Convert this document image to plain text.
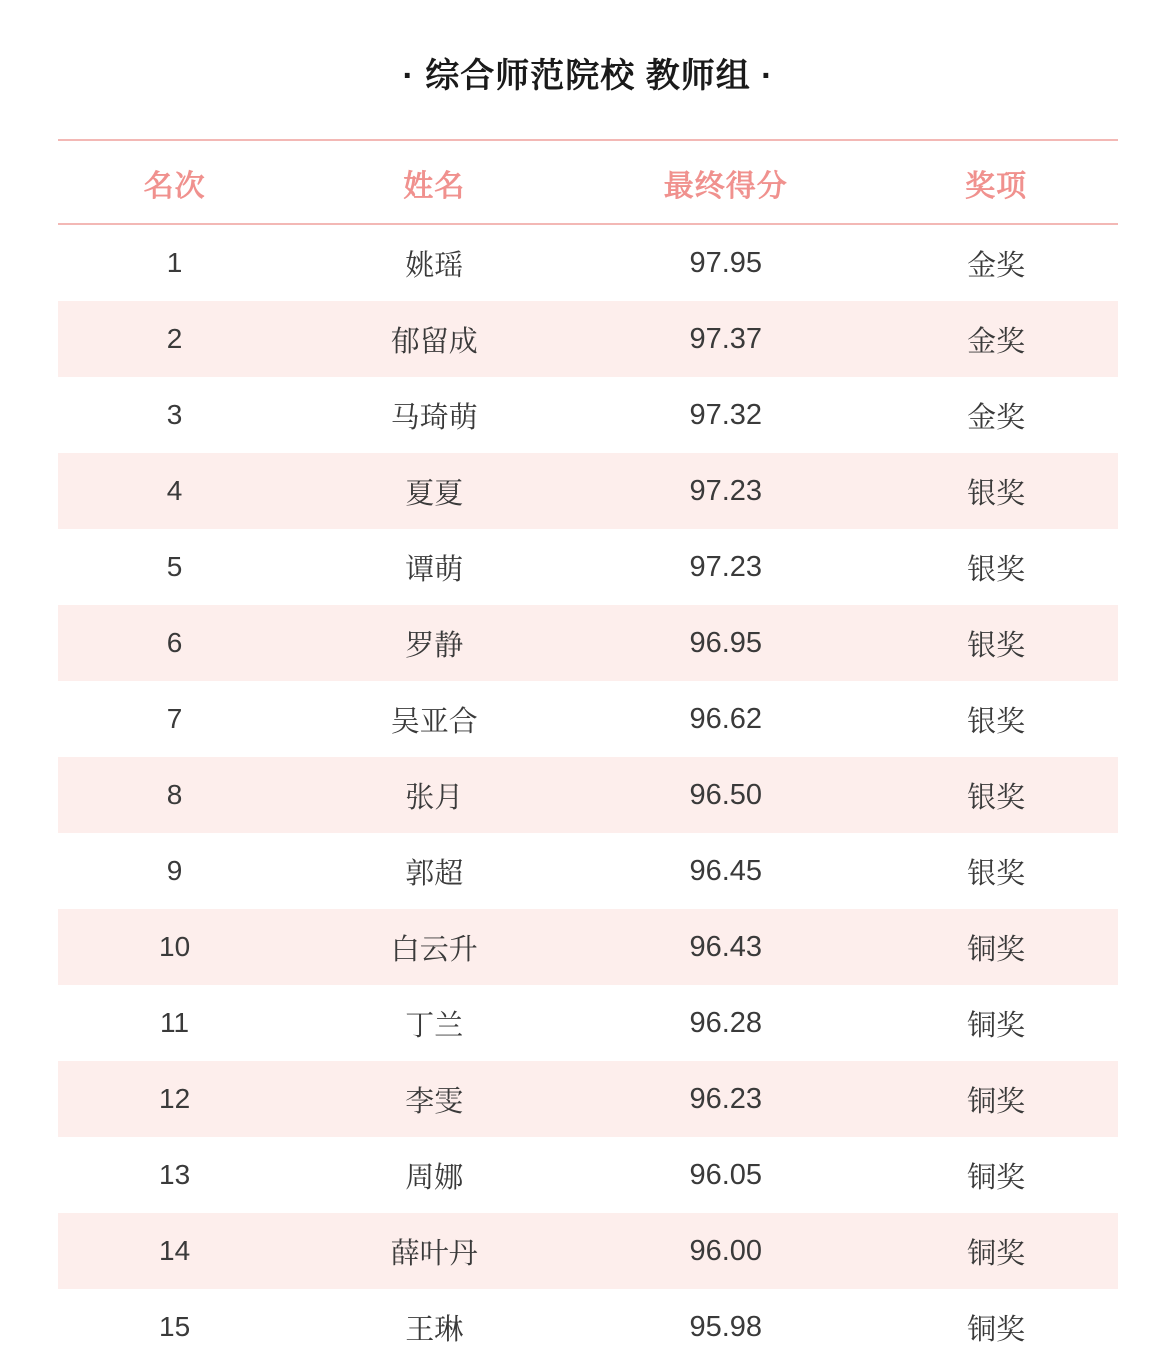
· 综合师范院校 教师组 ·
名次	姓名	最终得分	奖项
1	姚瑶	97.95	金奖
2	郁留成	97.37	金奖
3	马琦萌	97.32	金奖
4	夏夏	97.23	银奖
5	谭萌	97.23	银奖
6	罗静	96.95	银奖
7	吴亚合	96.62	银奖
8	张月	96.50	银奖
9	郭超	96.45	银奖
10	白云升	96.43	铜奖
11	丁兰	96.28	铜奖
12	李雯	96.23	铜奖
13	周娜	96.05	铜奖
14	薛叶丹	96.00	铜奖
15	王琳	95.98	铜奖
